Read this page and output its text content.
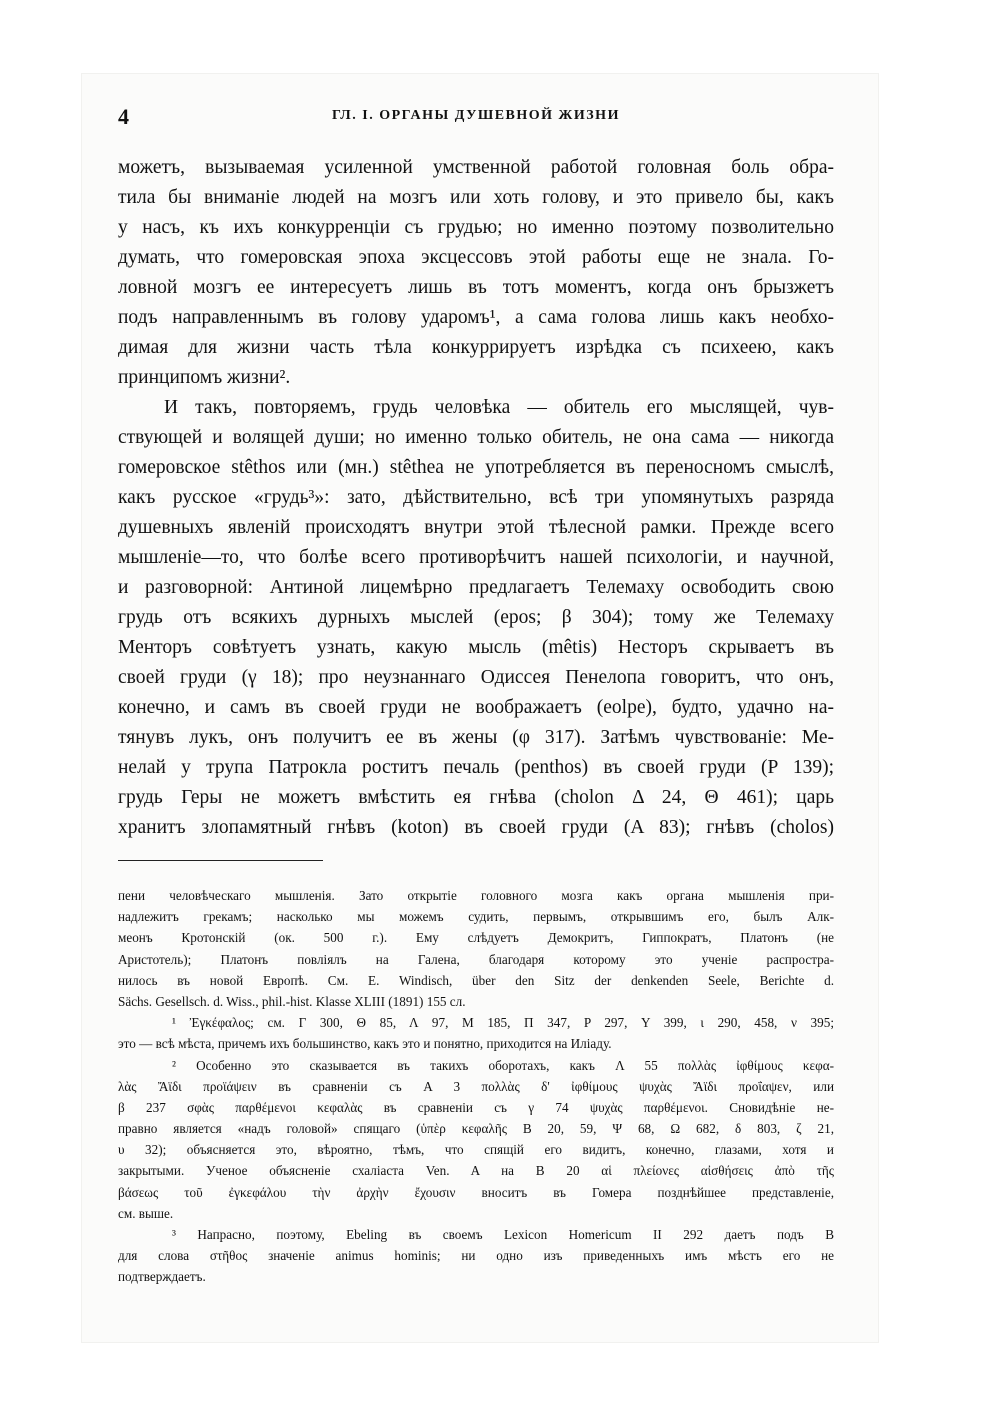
4	ГЛ. I. ОРГАНЫ ДУШЕВНОЙ ЖИЗНИ
можетъ, вызываемая усиленной умственной работой головная боль обра-
тила бы вниманіе людей на мозгъ или хоть голову, и это привело бы, какъ
у насъ, къ ихъ конкурренціи съ грудью; но именно поэтому позволительно
думать, что гомеровская эпоха эксцессовъ этой работы еще не знала. Го-
ловной мозгъ ее интересуетъ лишь въ тотъ моментъ, когда онъ брызжетъ
подъ направленнымъ въ голову ударомъ¹, а сама голова лишь какъ необхо-
димая для жизни часть тѣла конкуррируетъ изрѣдка съ психеею, какъ
принципомъ жизни².
И такъ, повторяемъ, грудь человѣка — обитель его мыслящей, чув-
ствующей и волящей души; но именно только обитель, не она сама — никогда
гомеровское stêthos или (мн.) stêthea не употребляется въ переносномъ смыслѣ,
какъ русское «грудь³»: зато, дѣйствительно, всѣ три упомянутыхъ разряда
душевныхъ явленій происходятъ внутри этой тѣлесной рамки. Прежде всего
мышленіе—то, что болѣе всего противорѣчитъ нашей психологіи, и научной,
и разговорной: Антиной лицемѣрно предлагаетъ Телемаху освободить свою
грудь отъ всякихъ дурныхъ мыслей (epos; β 304); тому же Телемаху
Менторъ совѣтуетъ узнать, какую мысль (mêtis) Несторъ скрываетъ въ
своей груди (γ 18); про неузнаннаго Одиссея Пенелопа говоритъ, что онъ,
конечно, и самъ въ своей груди не воображаетъ (eolpe), будто, удачно на-
тянувъ лукъ, онъ получитъ ее въ жены (φ 317). Затѣмъ чувствованіе: Ме-
нелай у трупа Патрокла роститъ печаль (penthos) въ своей груди (P 139);
грудь Геры не можетъ вмѣстить ея гнѣва (cholon Δ 24, Θ 461); царь
хранитъ злопамятный гнѣвъ (koton) въ своей груди (A 83); гнѣвъ (cholos)
пени человѣческаго мышленія. Зато открытіе головного мозга какъ органа мышленія при-
надлежитъ грекамъ; насколько мы можемъ судить, первымъ, открывшимъ его, былъ Алк-
меонъ Кротонскій (ок. 500 г.). Ему слѣдуетъ Демокритъ, Гиппократъ, Платонъ (не
Аристотель); Платонъ повліялъ на Галена, благодаря которому это ученіе распростра-
нилось въ новой Европѣ. См. E. Windisch, über den Sitz der denkenden Seele, Berichte d.
Sächs. Gesellsch. d. Wiss., phil.-hist. Klasse XLIII (1891) 155 сл.
¹ Ἐγκέφαλος; см. Γ 300, Θ 85, Λ 97, M 185, Π 347, P 297, Υ 399, ι 290, 458, ν 395;
это — всѣ мѣста, причемъ ихъ большинство, какъ это и понятно, приходится на Иліаду.
² Особенно это сказывается въ такихъ оборотахъ, какъ Λ 55 πολλὰς ἰφθίμους κεφα-
λὰς Ἄϊδι προϊάψειν въ сравненіи съ A 3 πολλὰς δ' ἰφθίμους ψυχὰς Ἄϊδι προΐαψεν, или
β 237 σφὰς παρθέμενοι κεφαλὰς въ сравненіи съ γ 74 ψυχὰς παρθέμενοι. Сновидѣніе не-
правно является «надъ головой» спящаго (ὑπὲρ κεφαλῆς B 20, 59, Ψ 68, Ω 682, δ 803, ζ 21,
υ 32); объясняется это, вѣроятно, тѣмъ, что спящій его видитъ, конечно, глазами, хотя и
закрытыми. Ученое объясненіе схаліаста Ven. A на B 20 αἱ πλείονες αἰσθήσεις ἀπὸ τῆς
βάσεως τοῦ ἐγκεφάλου τὴν ἀρχὴν ἔχουσιν вноситъ въ Гомера позднѣйшее представленіе,
см. выше.
³ Напрасно, поэтому, Ebeling въ своемъ Lexicon Homericum II 292 даетъ подъ B
для слова στῆθος значеніе animus hominis; ни одно изъ приведенныхъ имъ мѣстъ его не
подтверждаетъ.
